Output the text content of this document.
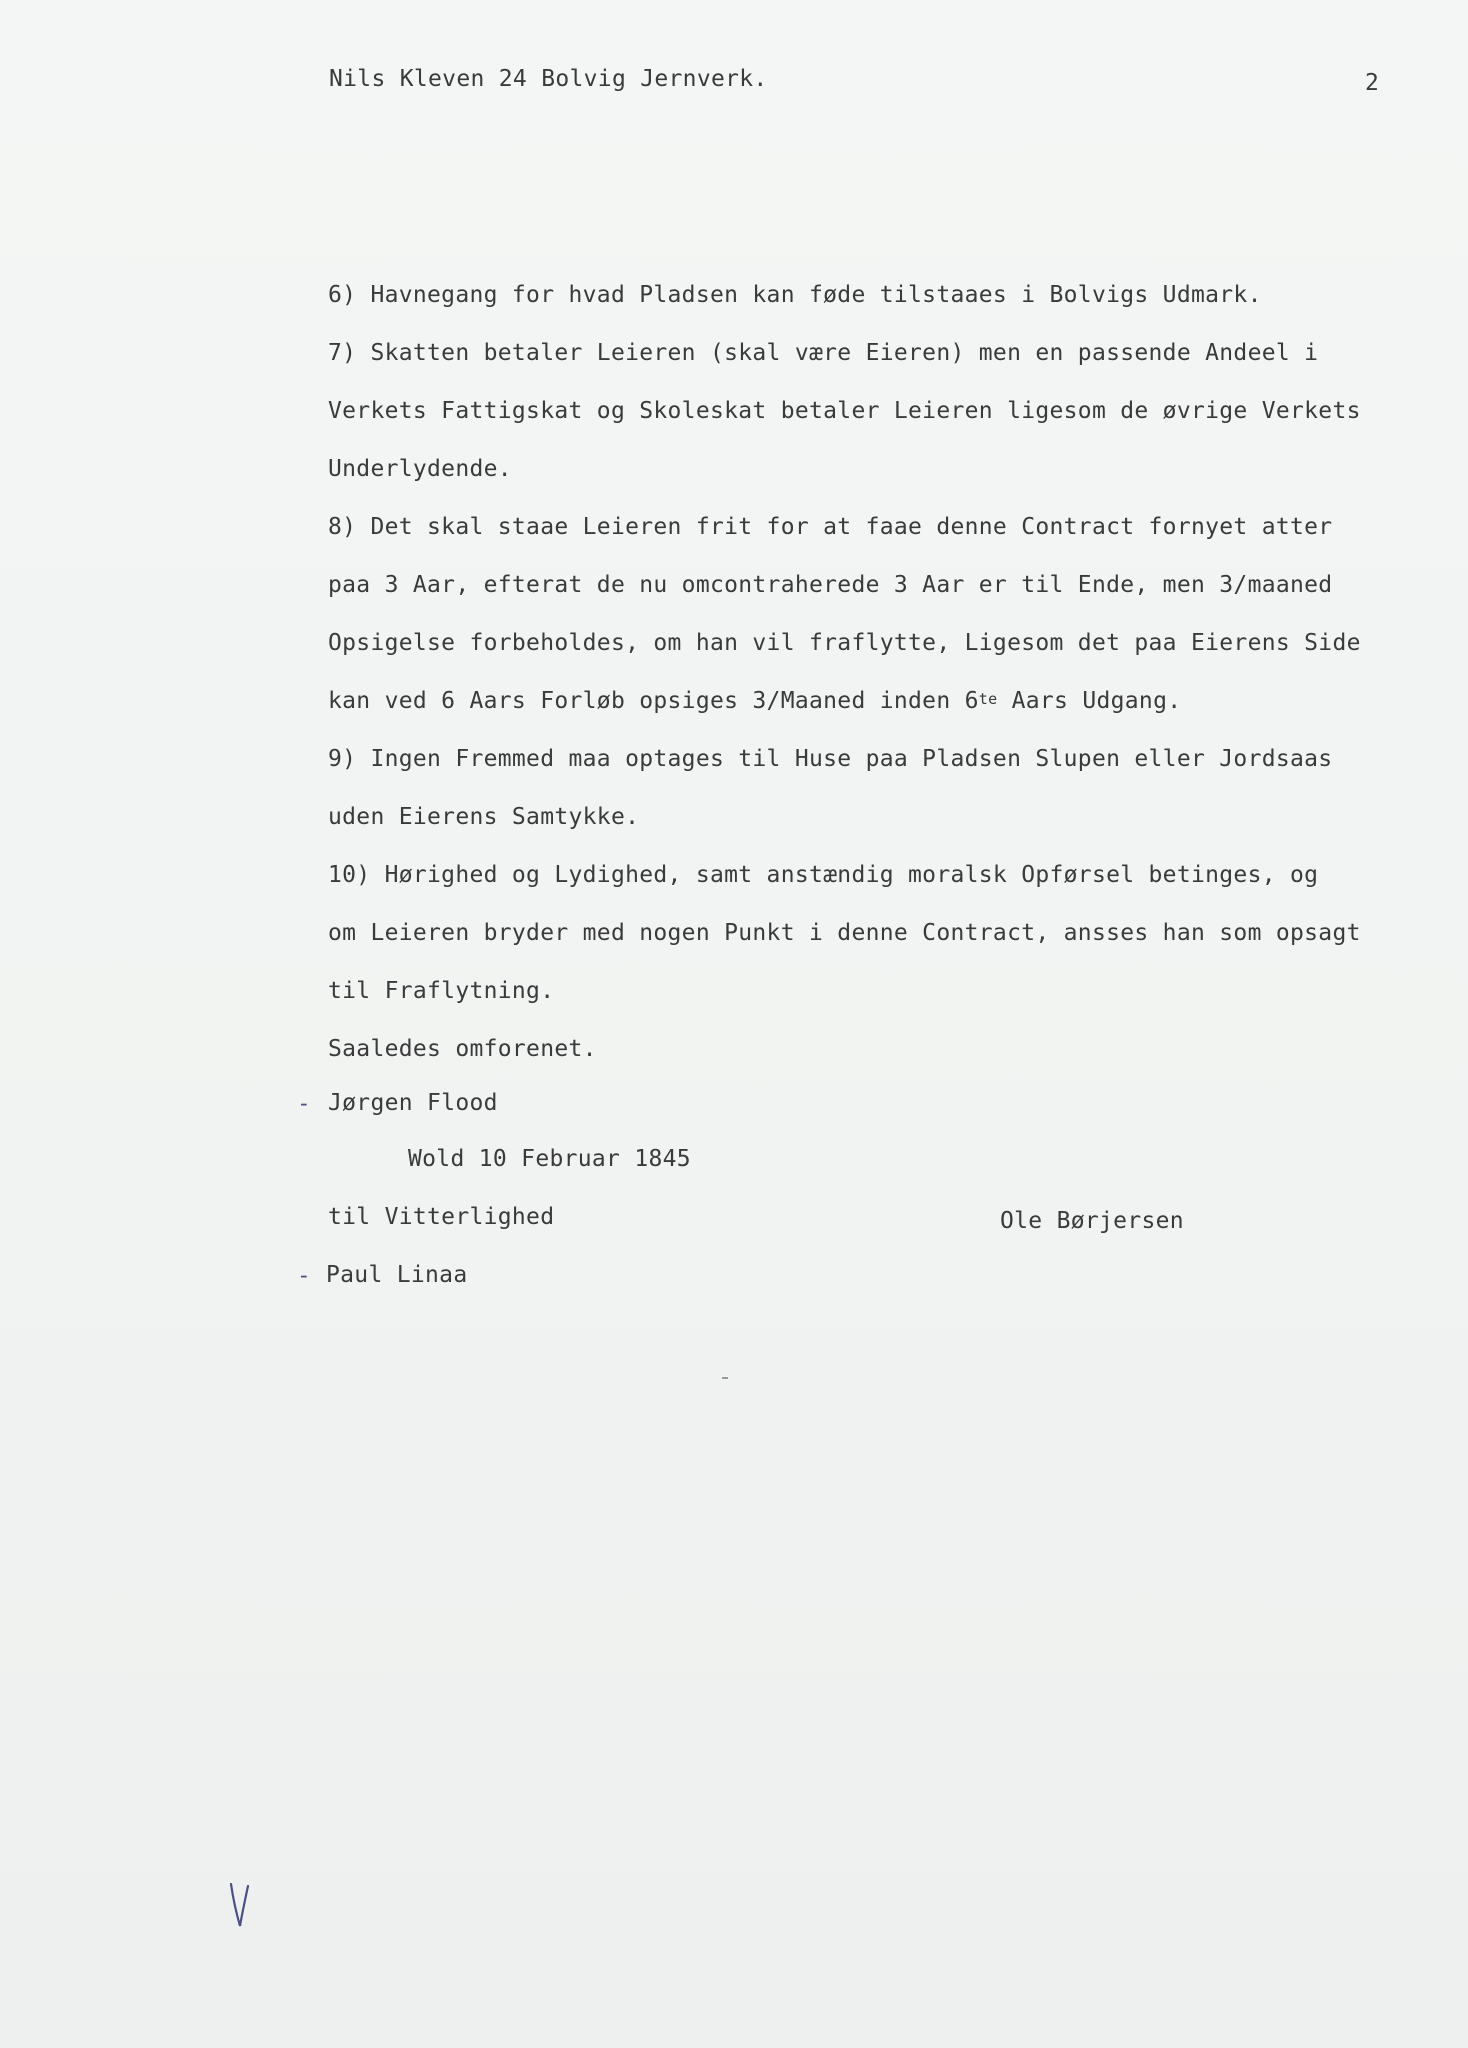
Nils Kleven 24 Bolvig Jernverk.	2
6) Havnegang for hvad Pladsen kan føde tilstaaes i Bolvigs Udmark.
7) Skatten betaler Leieren (skal være Eieren) men en passende Andeel i
Verkets Fattigskat og Skoleskat betaler Leieren ligesom de øvrige Verkets
Underlydende.
8) Det skal staae Leieren frit for at faae denne Contract fornyet atter
paa 3 Aar, efterat de nu omcontraherede 3 Aar er til Ende, men 3/maaned
Opsigelse forbeholdes, om han vil fraflytte, Ligesom det paa Eierens Side
kan ved 6 Aars Forløb opsiges 3/Maaned inden $6^{te}$ Aars Udgang.
9) Ingen Fremmed maa optages til Huse paa Pladsen Slupen eller Jordsaas
uden Eierens Samtykke.
10) Hørighed og Lydighed, samt anstændig moralsk Opførsel betinges, og
om Leieren bryder med nogen Punkt i denne Contract, ansses han som opsagt
til Fraflytning.
Saaledes omforenet.
- Jørgen Flood
Wold 10 Februar 1845
til Vitterlighed	Ole Børjersen
- Paul Linaa
